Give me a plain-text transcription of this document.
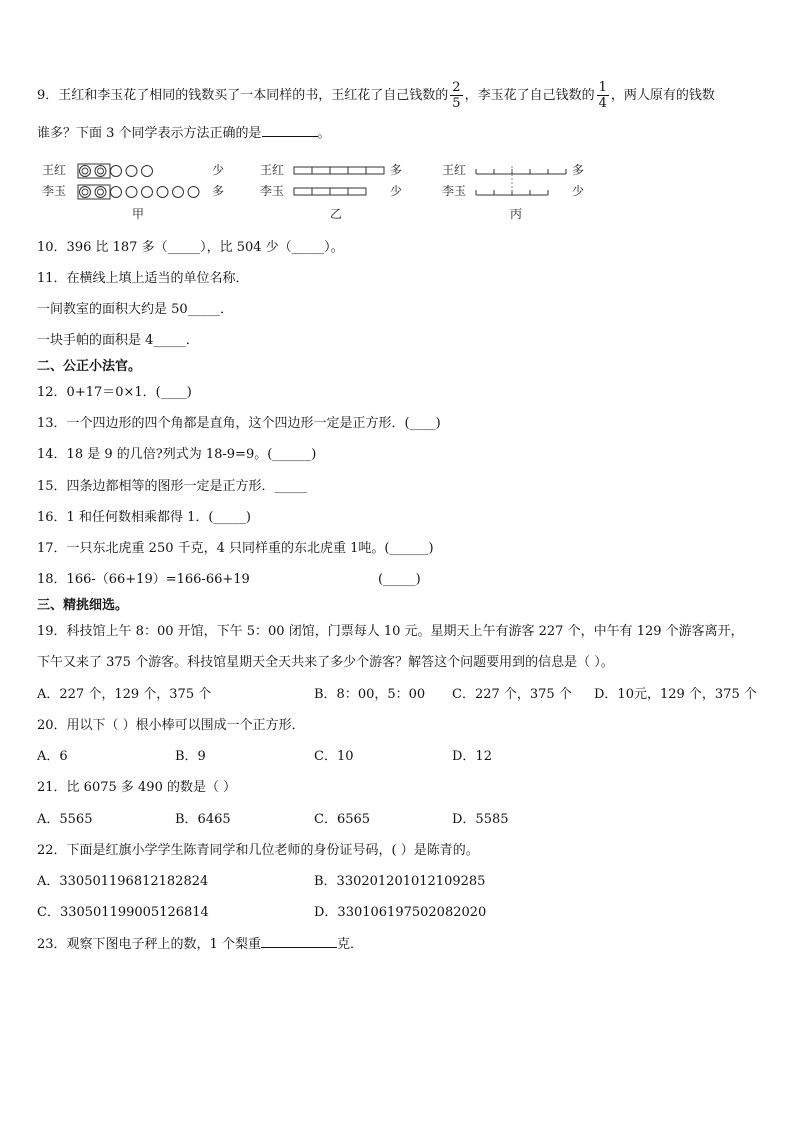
9．王红和李玉花了相同的钱数买了一本同样的书，王红花了自己钱数的 $\frac{2}{5}$ ，李玉花了自己钱数的 $\frac{1}{4}$ ，两人原有的钱数
谁多？下面 3 个同学表示方法正确的是	。
王红
李玉
少
多
甲
王红
李玉
多
少
乙
王红
李玉
多
少
丙
10．396 比 187 多（_____），比 504 少（_____）。
11．在横线上填上适当的单位名称．
一间教室的面积大约是 50_____．
一块手帕的面积是 4_____．
二、公正小法官。
12．0+17＝0×1．(____)
13．一个四边形的四个角都是直角，这个四边形一定是正方形．(____)
14．18 是 9 的几倍?列式为 18-9=9。(______)
15．四条边都相等的图形一定是正方形．_____
16．1 和任何数相乘都得 1．(_____)
17．一只东北虎重 250 千克，4 只同样重的东北虎重 1吨。(______)
18．166-（66+19）=166-66+19	(_____)
三、精挑细选。
19．科技馆上午 8：00 开馆，下午 5：00 闭馆，门票每人 10 元。星期天上午有游客 227 个，中午有 129 个游客离开，
下午又来了 375 个游客。科技馆星期天全天共来了多少个游客？解答这个问题要用到的信息是（ ）。
A．227 个，129 个，375 个	B．8：00，5：00 C．227 个，375 个 D．10元，129 个，375 个
20．用以下（ ）根小棒可以围成一个正方形．
A．6	B．9	C．10	D．12
21．比 6075 多 490 的数是（ ）
A．5565	B．6465	C．6565	D．5585
22．下面是红旗小学学生陈青同学和几位老师的身份证号码，( ）是陈青的。
A．330501196812182824	B．330201201012109285
C．330501199005126814	D．330106197502082020
23．观察下图电子秤上的数，1 个梨重	克．
